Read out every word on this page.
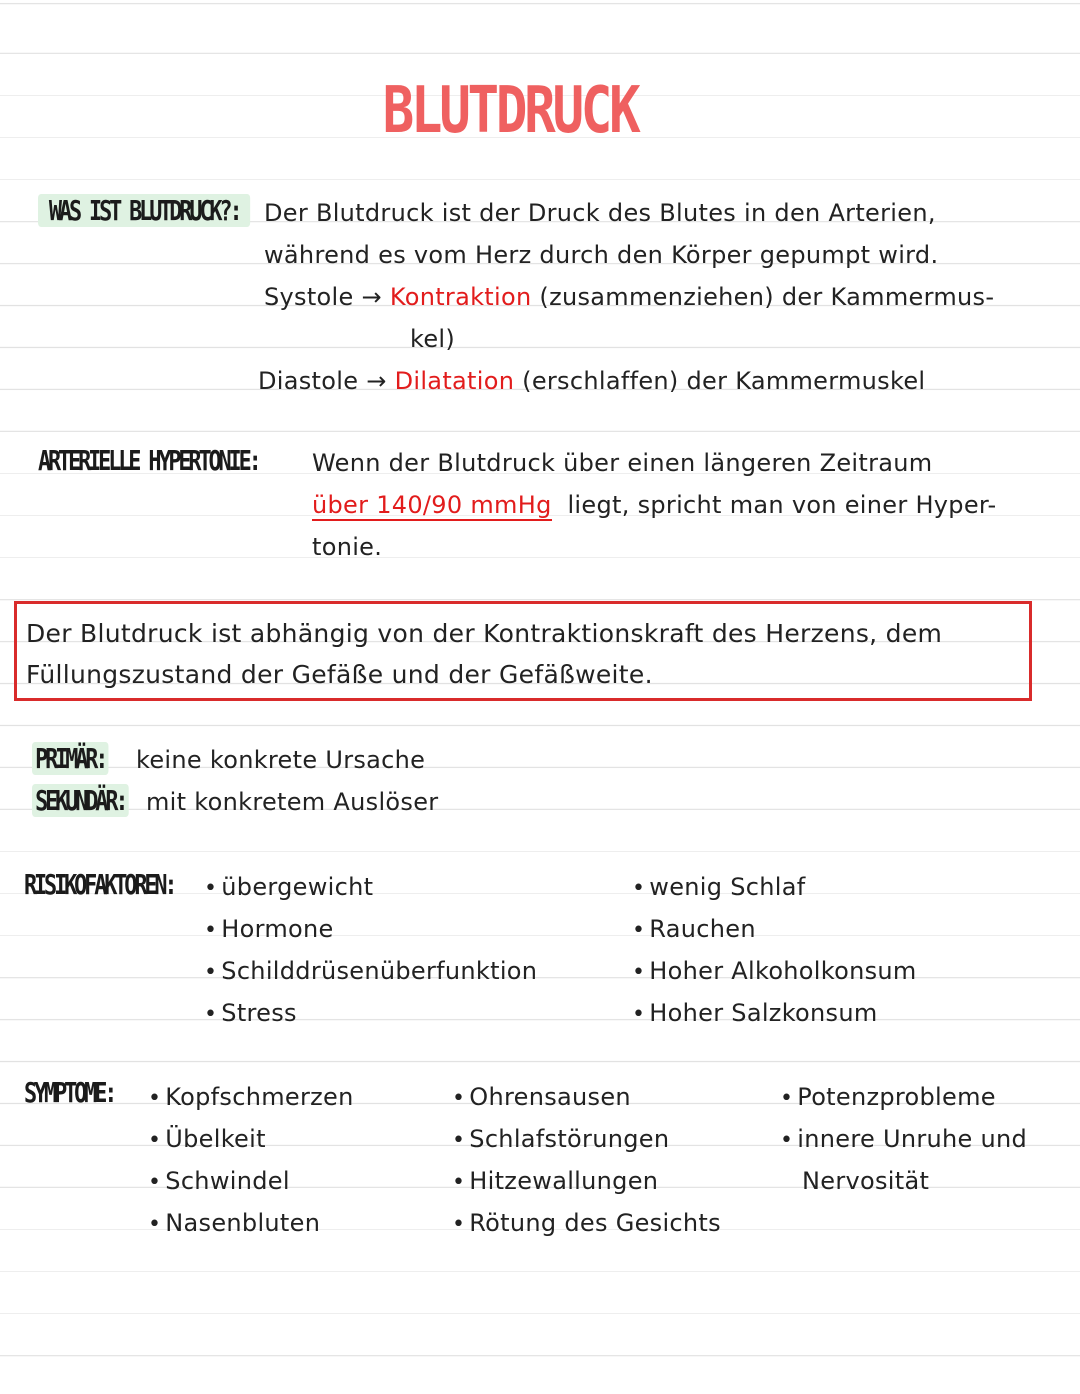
BLUTDRUCK
WAS IST BLUTDRUCK?:	Der Blutdruck ist der Druck des Blutes in den Arterien,
während es vom Herz durch den Körper gepumpt wird.
Systole → Kontraktion (zusammenziehen) der Kammermus-
kel)
Diastole → Dilatation (erschlaffen) der Kammermuskel
ARTERIELLE HYPERTONIE: Wenn der Blutdruck über einen längeren Zeitraum
über 140/90 mmHg liegt, spricht man von einer Hyper-
tonie.
Der Blutdruck ist abhängig von der Kontraktionskraft des Herzens, dem
Füllungszustand der Gefäße und der Gefäßweite.
PRIMÄR: keine konkrete Ursache
SEKUNDÄR: mit konkretem Auslöser
RISIKOFAKTOREN:	• übergewicht
• Hormone
• Schilddrüsenüberfunktion
• Stress
• wenig Schlaf
• Rauchen
• Hoher Alkoholkonsum
• Hoher Salzkonsum
SYMPTOME:	• Kopfschmerzen
• Übelkeit
• Schwindel
• Nasenbluten
• Ohrensausen
• Schlafstörungen
• Hitzewallungen
• Rötung des Gesichts
• Potenzprobleme
• innere Unruhe und
Nervosität
